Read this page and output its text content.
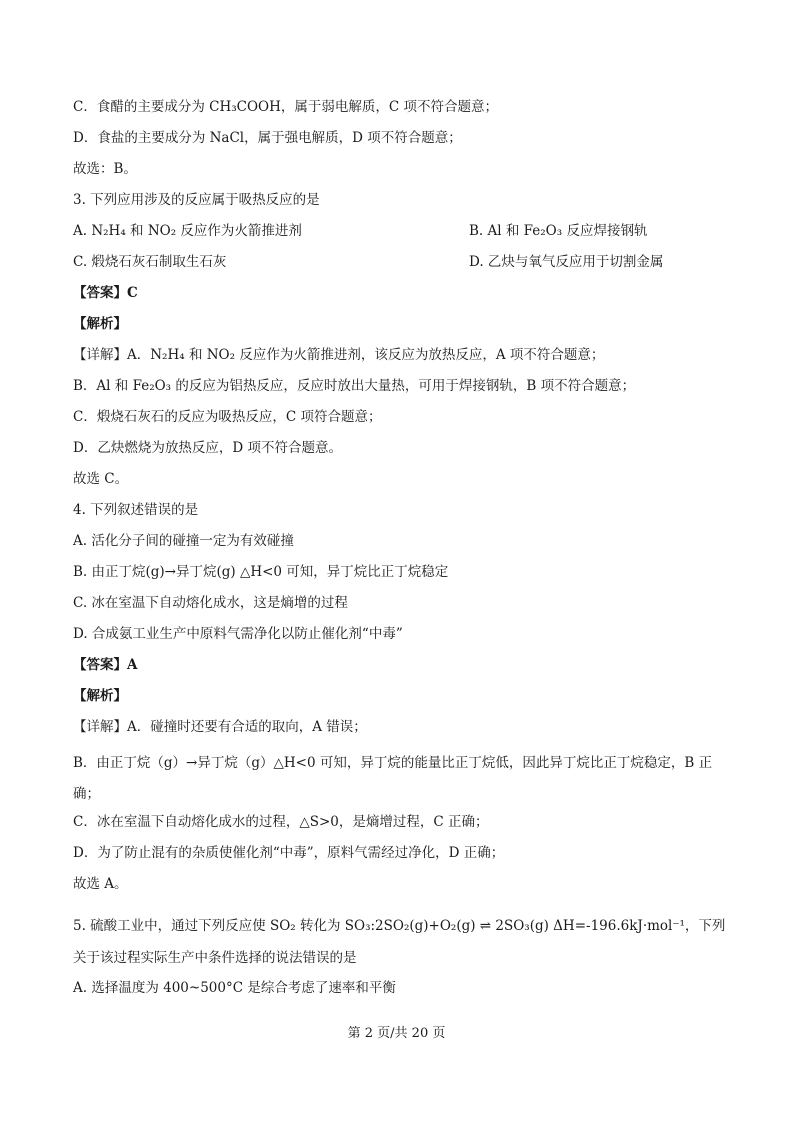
C．食醋的主要成分为 CH₃COOH，属于弱电解质，C 项不符合题意；
D．食盐的主要成分为 NaCl，属于强电解质，D 项不符合题意；
故选：B。
3. 下列应用涉及的反应属于吸热反应的是
A. N₂H₄ 和 NO₂ 反应作为火箭推进剂	B. Al 和 Fe₂O₃ 反应焊接钢轨
C. 煅烧石灰石制取生石灰	D. 乙炔与氧气反应用于切割金属
【答案】C
【解析】
【详解】A．N₂H₄ 和 NO₂ 反应作为火箭推进剂，该反应为放热反应，A 项不符合题意；
B．Al 和 Fe₂O₃ 的反应为铝热反应，反应时放出大量热，可用于焊接钢轨，B 项不符合题意；
C．煅烧石灰石的反应为吸热反应，C 项符合题意；
D．乙炔燃烧为放热反应，D 项不符合题意。
故选 C。
4. 下列叙述错误的是
A. 活化分子间的碰撞一定为有效碰撞
B. 由正丁烷(g)→异丁烷(g) △H<0 可知，异丁烷比正丁烷稳定
C. 冰在室温下自动熔化成水，这是熵增的过程
D. 合成氨工业生产中原料气需净化以防止催化剂“中毒”
【答案】A
【解析】
【详解】A．碰撞时还要有合适的取向，A 错误；
B．由正丁烷（g）→异丁烷（g）△H<0 可知，异丁烷的能量比正丁烷低，因此异丁烷比正丁烷稳定，B 正确；
C．冰在室温下自动熔化成水的过程，△S>0，是熵增过程，C 正确；
D．为了防止混有的杂质使催化剂“中毒”，原料气需经过净化，D 正确；
故选 A。
5. 硫酸工业中，通过下列反应使 SO₂ 转化为 SO₃:2SO₂(g)+O₂(g) ⇌ 2SO₃(g) ΔH=-196.6kJ·mol⁻¹，下列关于该过程实际生产中条件选择的说法错误的是
A. 选择温度为 400~500°C 是综合考虑了速率和平衡
第 2 页/共 20 页
